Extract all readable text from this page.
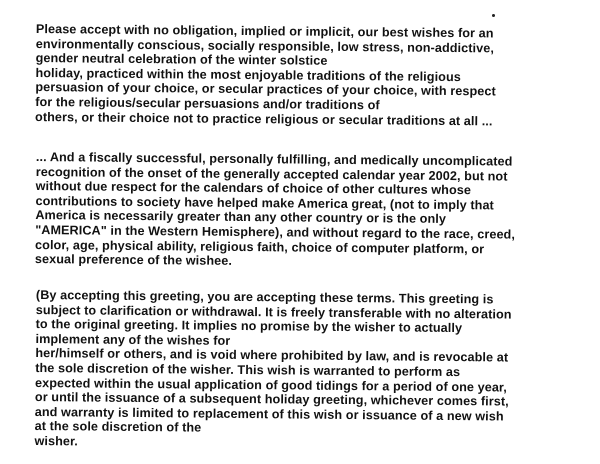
Please accept with no obligation, implied or implicit, our best wishes for an
environmentally conscious, socially responsible, low stress, non-addictive,
gender neutral celebration of the winter solstice
holiday, practiced within the most enjoyable traditions of the religious
persuasion of your choice, or secular practices of your choice, with respect
for the religious/secular persuasions and/or traditions of
others, or their choice not to practice religious or secular traditions at all ...
... And a fiscally successful, personally fulfilling, and medically uncomplicated
recognition of the onset of the generally accepted calendar year 2002, but not
without due respect for the calendars of choice of other cultures whose
contributions to society have helped make America great, (not to imply that
America is necessarily greater than any other country or is the only
"AMERICA" in the Western Hemisphere), and without regard to the race, creed,
color, age, physical ability, religious faith, choice of computer platform, or
sexual preference of the wishee.
(By accepting this greeting, you are accepting these terms. This greeting is
subject to clarification or withdrawal. It is freely transferable with no alteration
to the original greeting. It implies no promise by the wisher to actually
implement any of the wishes for
her/himself or others, and is void where prohibited by law, and is revocable at
the sole discretion of the wisher. This wish is warranted to perform as
expected within the usual application of good tidings for a period of one year,
or until the issuance of a subsequent holiday greeting, whichever comes first,
and warranty is limited to replacement of this wish or issuance of a new wish
at the sole discretion of the
wisher.
